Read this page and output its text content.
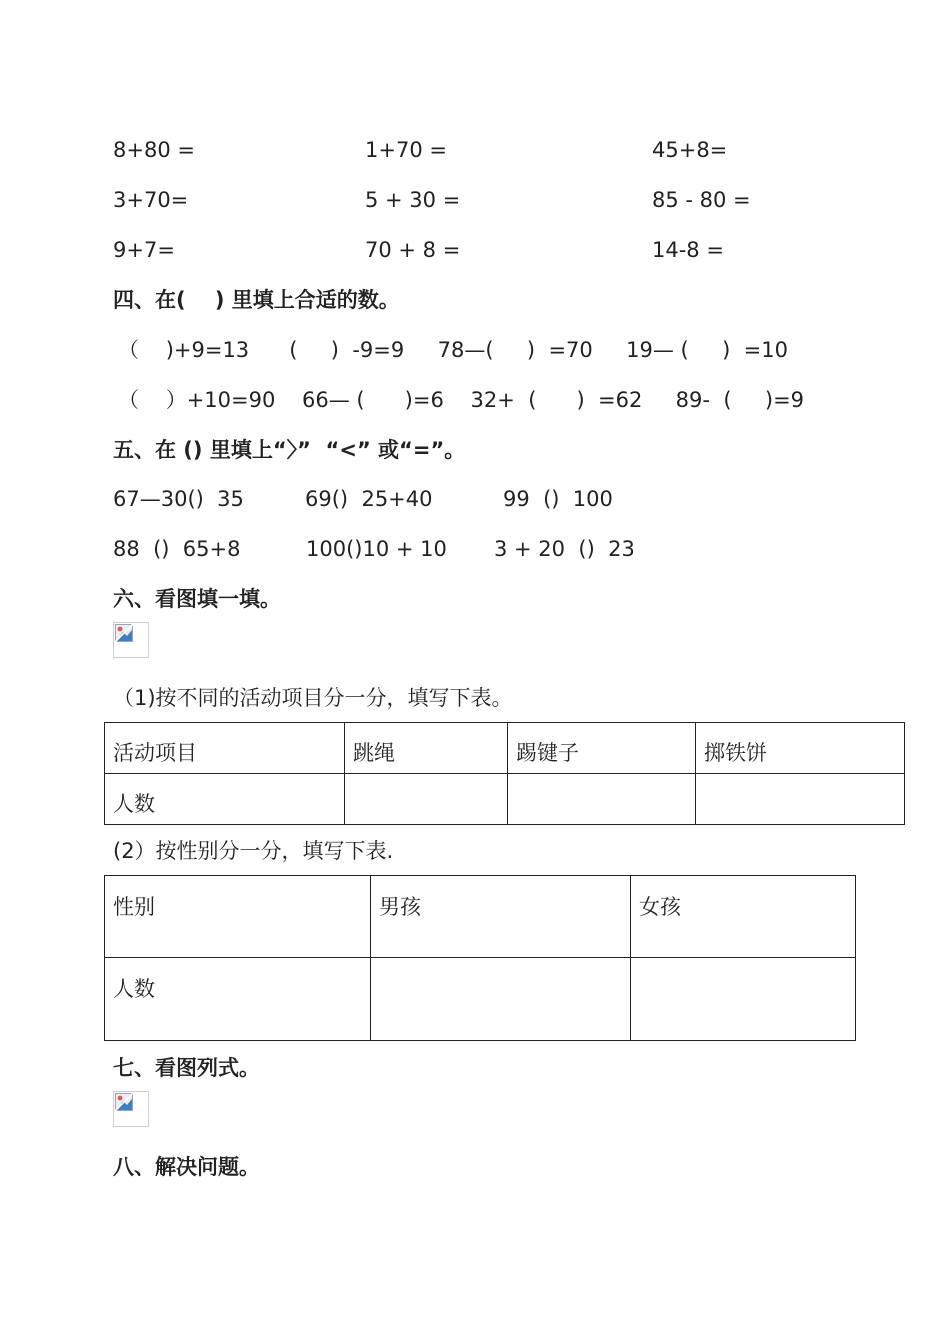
8+80 =	1+70 =	45+8=
3+70=	5 + 30 =	85 - 80 =
9+7=	70 + 8 =	14-8 =
四、在(    ) 里填上合适的数。
（    )+9=13      (     )  -9=9     78—(     )  =70     19— (     )  =10
（    ）+10=90    66— (      )=6    32+  (      )  =62     89-  (     )=9
五、在 () 里填上“〉”  “<” 或“=”。
67—30()  35	69()  25+40	99  ()  100
88  ()  65+8	100()10 + 10 3 + 20  ()  23
六、看图填一填。
（1)按不同的活动项目分一分，填写下表。
活动项目	跳绳	踢键子	掷铁饼
人数			
(2）按性别分一分，填写下表.
性别	男孩	女孩
人数		
七、看图列式。
八、解决问题。
